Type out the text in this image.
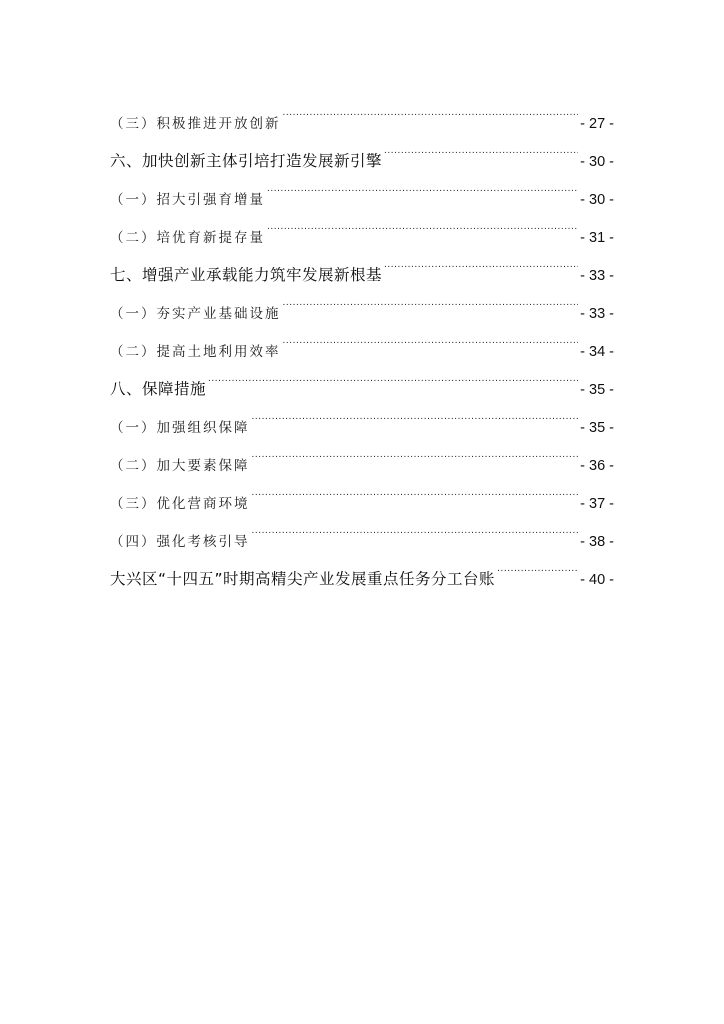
（三）积极推进开放创新 .....	- 27 -
六、加快创新主体引培打造发展新引擎 .....	- 30 -
（一）招大引强育增量 .....	- 30 -
（二）培优育新提存量 .....	- 31 -
七、增强产业承载能力筑牢发展新根基 .....	- 33 -
（一）夯实产业基础设施 .....	- 33 -
（二）提高土地利用效率 .....	- 34 -
八、保障措施 .....	- 35 -
（一）加强组织保障 .....	- 35 -
（二）加大要素保障 .....	- 36 -
（三）优化营商环境 .....	- 37 -
（四）强化考核引导 .....	- 38 -
大兴区“十四五”时期高精尖产业发展重点任务分工台账 .....	- 40 -
